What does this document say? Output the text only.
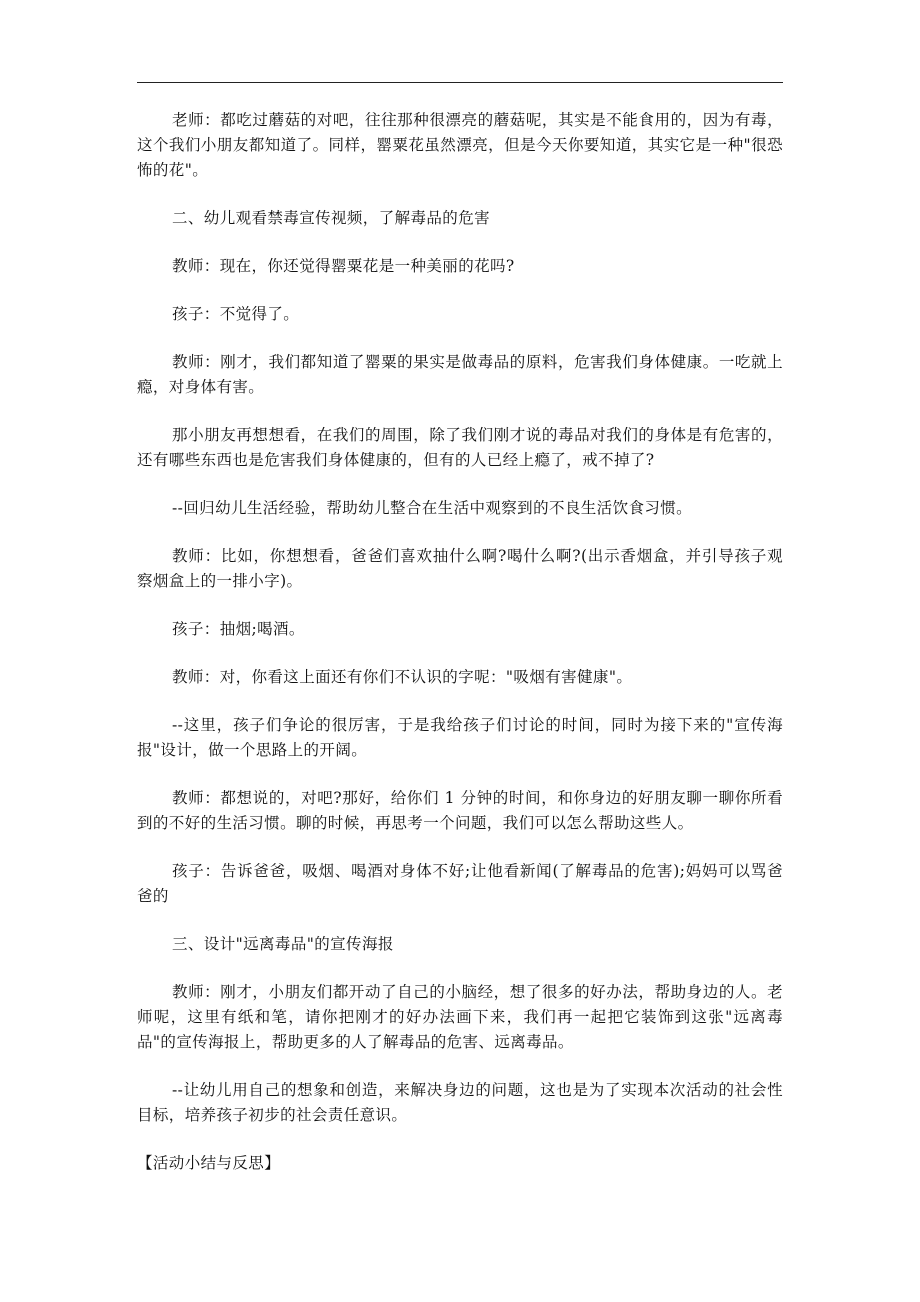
老师：都吃过蘑菇的对吧，往往那种很漂亮的蘑菇呢，其实是不能食用的，因为有毒，这个我们小朋友都知道了。同样，罂粟花虽然漂亮，但是今天你要知道，其实它是一种"很恐怖的花"。

二、幼儿观看禁毒宣传视频，了解毒品的危害

教师：现在，你还觉得罂粟花是一种美丽的花吗?

孩子：不觉得了。

教师：刚才，我们都知道了罂粟的果实是做毒品的原料，危害我们身体健康。一吃就上瘾，对身体有害。

那小朋友再想想看，在我们的周围，除了我们刚才说的毒品对我们的身体是有危害的，还有哪些东西也是危害我们身体健康的，但有的人已经上瘾了，戒不掉了?

--回归幼儿生活经验，帮助幼儿整合在生活中观察到的不良生活饮食习惯。

教师：比如，你想想看，爸爸们喜欢抽什么啊?喝什么啊?(出示香烟盒，并引导孩子观察烟盒上的一排小字)。

孩子：抽烟;喝酒。

教师：对，你看这上面还有你们不认识的字呢："吸烟有害健康"。

--这里，孩子们争论的很厉害，于是我给孩子们讨论的时间，同时为接下来的"宣传海报"设计，做一个思路上的开阔。

教师：都想说的，对吧?那好，给你们 1 分钟的时间，和你身边的好朋友聊一聊你所看到的不好的生活习惯。聊的时候，再思考一个问题，我们可以怎么帮助这些人。

孩子：告诉爸爸，吸烟、喝酒对身体不好;让他看新闻(了解毒品的危害);妈妈可以骂爸爸的

三、设计"远离毒品"的宣传海报

教师：刚才，小朋友们都开动了自己的小脑经，想了很多的好办法，帮助身边的人。老师呢，这里有纸和笔，请你把刚才的好办法画下来，我们再一起把它装饰到这张"远离毒品"的宣传海报上，帮助更多的人了解毒品的危害、远离毒品。

--让幼儿用自己的想象和创造，来解决身边的问题，这也是为了实现本次活动的社会性目标，培养孩子初步的社会责任意识。

【活动小结与反思】
